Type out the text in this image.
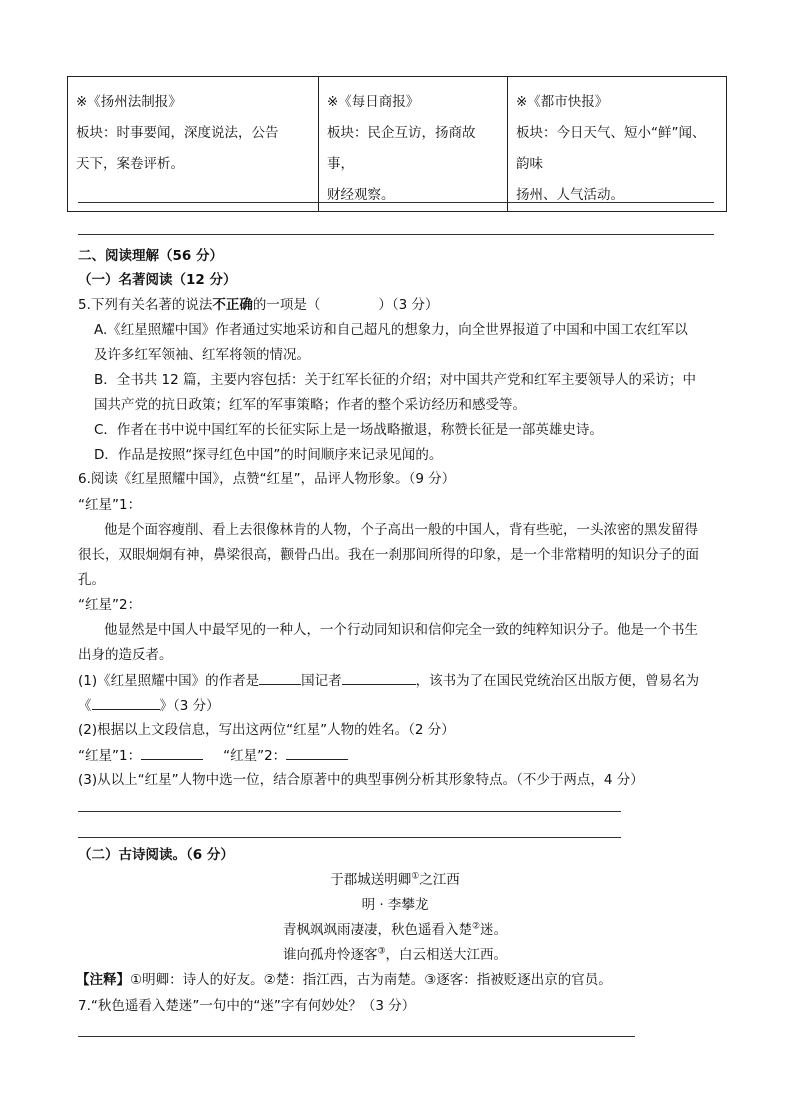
※《扬州法制报》
板块：时事要闻，深度说法，公告
天下，案卷评析。

※《每日商报》
板块：民企互访，扬商故事，
财经观察。

※《都市快报》
板块：今日天气、短小“鲜”闻、韵味
扬州、人气活动。
二、阅读理解（56 分）
（一）名著阅读（12 分）
5.下列有关名著的说法不正确的一项是（	）（3 分）
A.《红星照耀中国》作者通过实地采访和自己超凡的想象力，向全世界报道了中国和中国工农红军以
及许多红军领袖、红军将领的情况。
B．全书共 12 篇，主要内容包括：关于红军长征的介绍；对中国共产党和红军主要领导人的采访；中
国共产党的抗日政策；红军的军事策略；作者的整个采访经历和感受等。
C．作者在书中说中国红军的长征实际上是一场战略撤退，称赞长征是一部英雄史诗。
D．作品是按照“探寻红色中国”的时间顺序来记录见闻的。
6.阅读《红星照耀中国》，点赞“红星”，品评人物形象。（9 分）
“红星”1：
他是个面容瘦削、看上去很像林肯的人物，个子高出一般的中国人，背有些驼，一头浓密的黑发留得
很长，双眼炯炯有神，鼻梁很高，颧骨凸出。我在一刹那间所得的印象，是一个非常精明的知识分子的面
孔。
“红星”2：
他显然是中国人中最罕见的一种人，一个行动同知识和信仰完全一致的纯粹知识分子。他是一个书生
出身的造反者。
(1)《红星照耀中国》的作者是	国记者	，该书为了在国民党统治区出版方便，曾易名为
《	》（3 分）
(2)根据以上文段信息，写出这两位“红星”人物的姓名。（2 分）
“红星”1：	“红星”2：
(3)从以上“红星”人物中选一位，结合原著中的典型事例分析其形象特点。（不少于两点，4 分）
（二）古诗阅读。（6 分）
于郡城送明卿①之江西
明 · 李攀龙
青枫飒飒雨凄凄，秋色遥看入楚②迷。
谁向孤舟怜逐客③，白云相送大江西。
【注释】①明卿：诗人的好友。②楚：指江西，古为南楚。③逐客：指被贬逐出京的官员。
7.“秋色遥看入楚迷”一句中的“迷”字有何妙处？（3 分）
